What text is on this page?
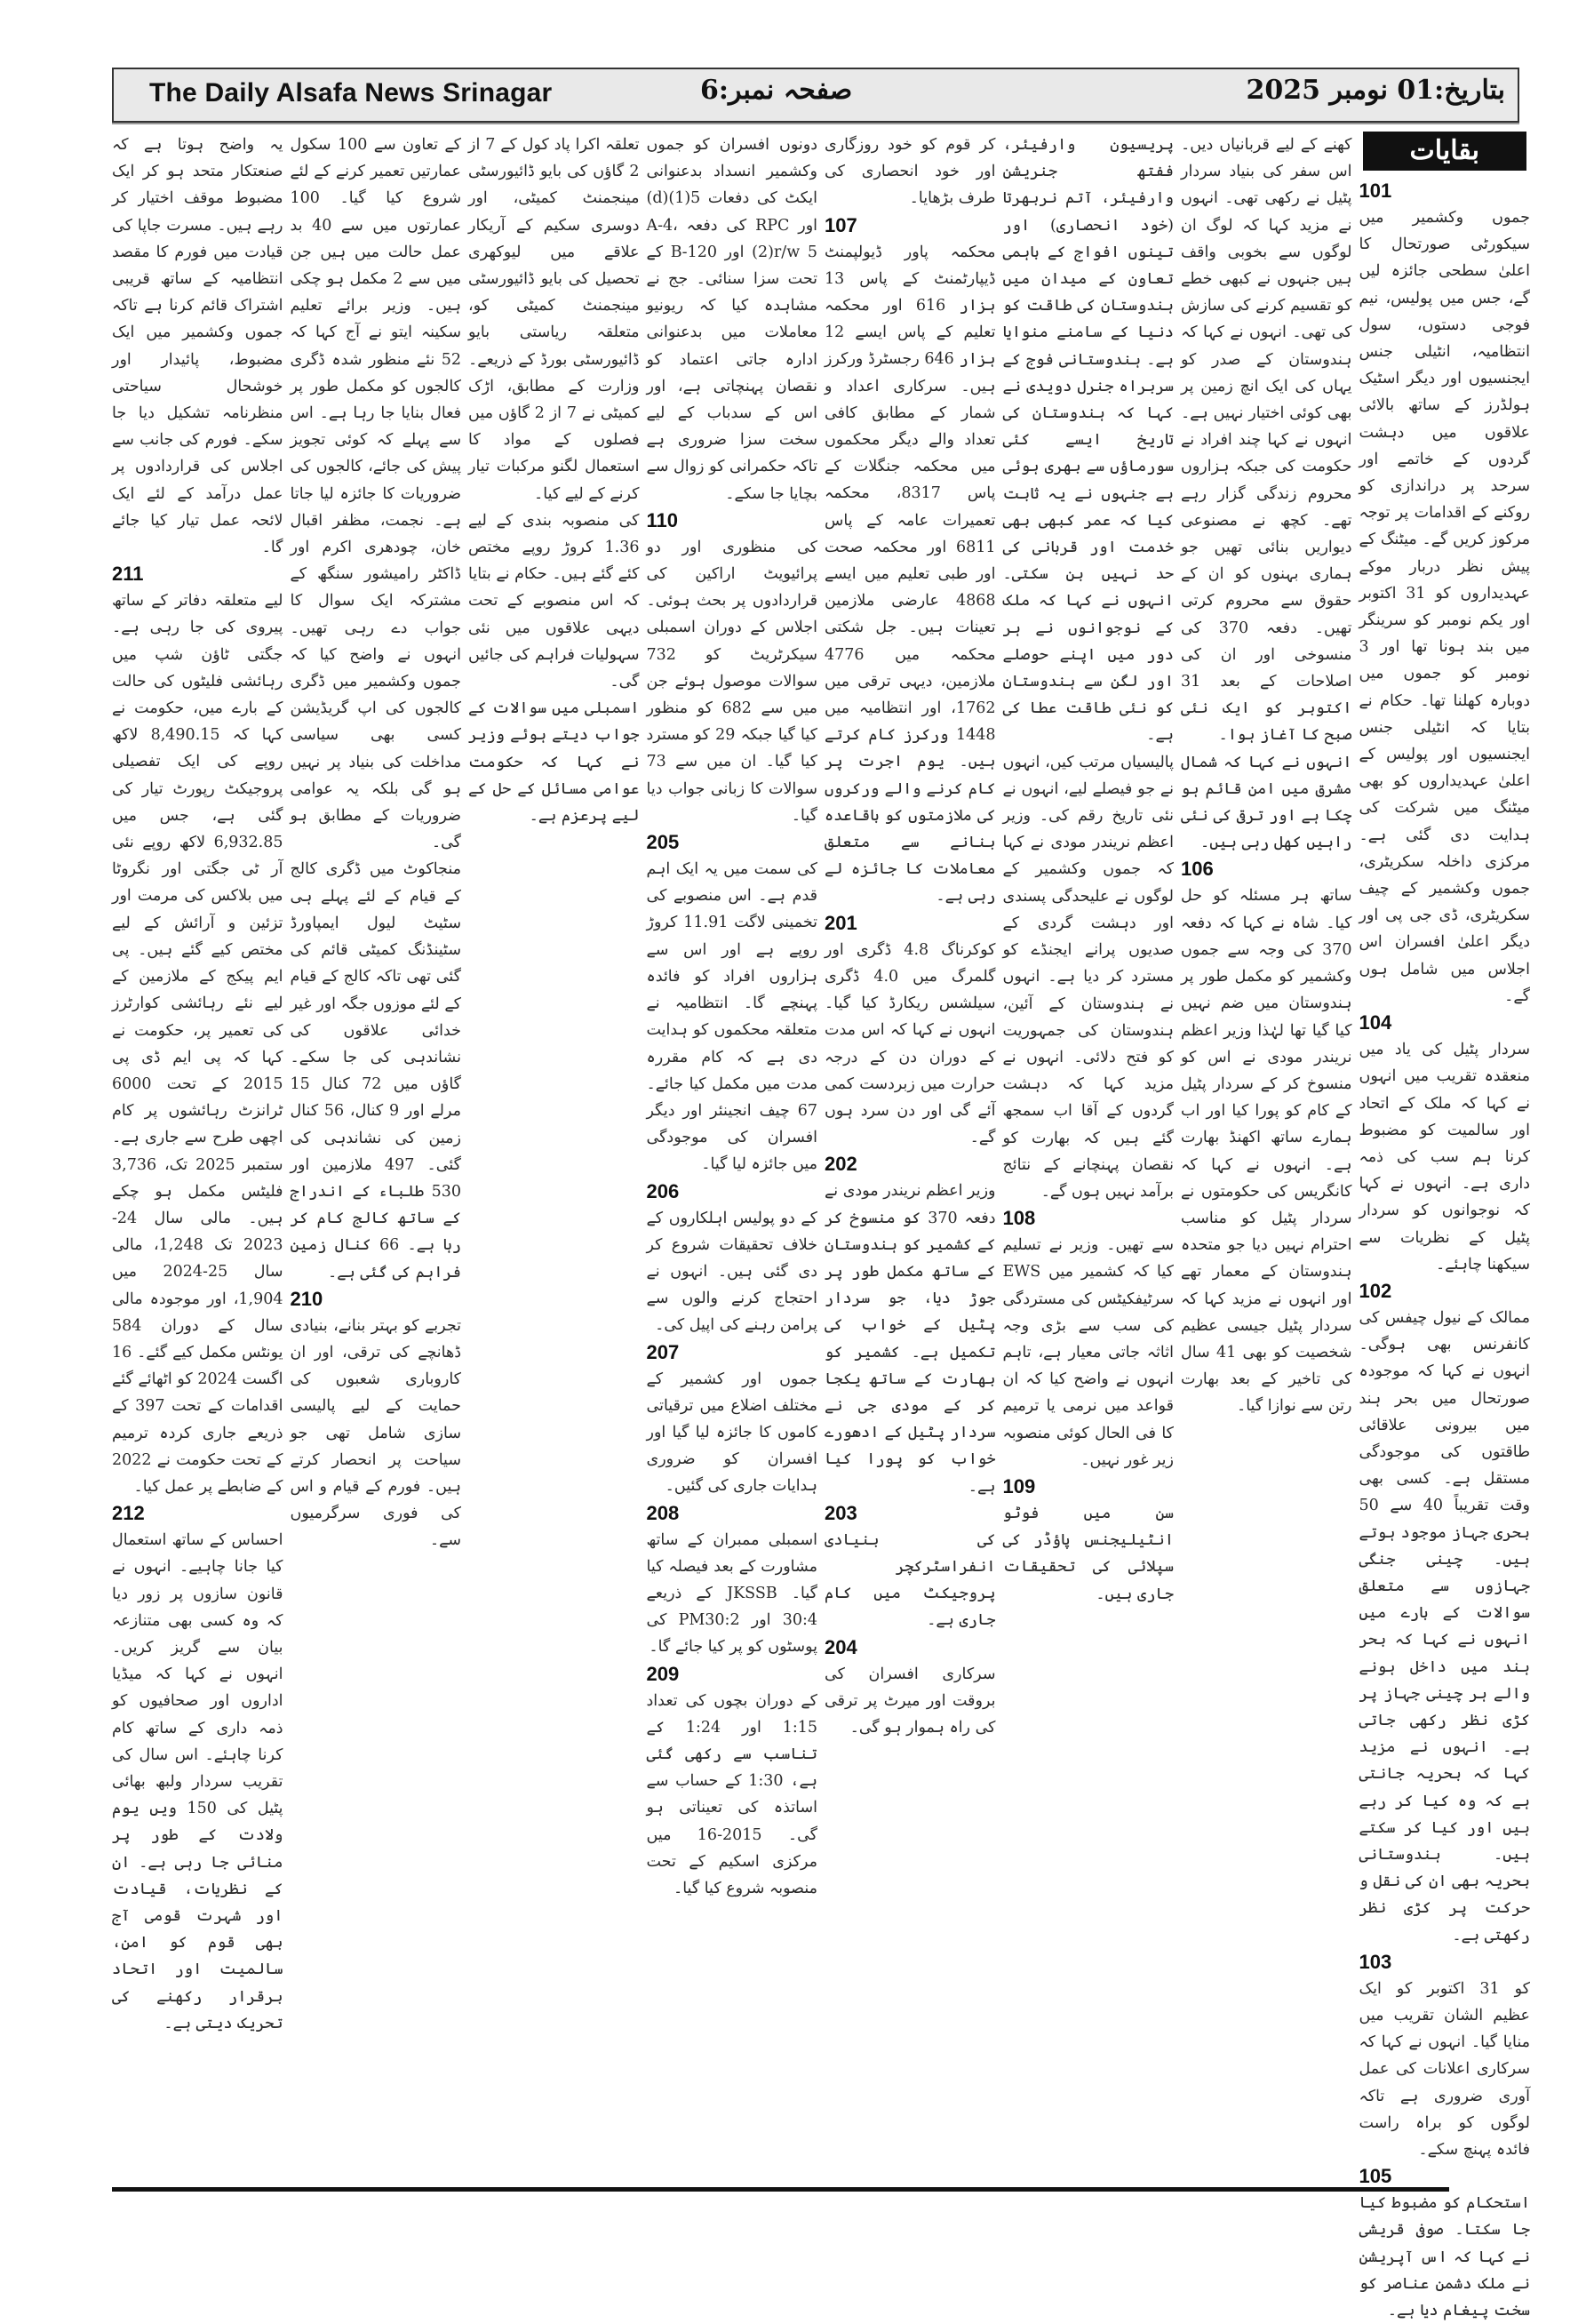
The Daily Alsafa News Srinagar	صفحہ نمبر:6	بتاریخ:01 نومبر 2025
بقایات
101

جموں وکشمیر میں سیکورٹی صورتحال کا اعلیٰ سطحی جائزہ لیں گے، جس میں پولیس، نیم فوجی دستوں، سول انتظامیہ، انٹیلی جنس ایجنسیوں اور دیگر اسٹیک ہولڈرز کے ساتھ بالائی علاقوں میں دہشت گردوں کے خاتمے اور سرحد پر دراندازی کو روکنے کے اقدامات پر توجہ مرکوز کریں گے۔ میٹنگ کے پیش نظر دربار موکے عہدیداروں کو 31 اکتوبر اور یکم نومبر کو سرینگر میں بند ہونا تھا اور 3 نومبر کو جموں میں دوبارہ کھلنا تھا۔ حکام نے بتایا کہ انٹیلی جنس ایجنسیوں اور پولیس کے اعلیٰ عہدیداروں کو بھی میٹنگ میں شرکت کی ہدایت دی گئی ہے۔ مرکزی داخلہ سکریٹری، جموں وکشمیر کے چیف سکریٹری، ڈی جی پی اور دیگر اعلیٰ افسران اس اجلاس میں شامل ہوں گے۔

104

سردار پٹیل کی یاد میں منعقدہ تقریب میں انہوں نے کہا کہ ملک کے اتحاد اور سالمیت کو مضبوط کرنا ہم سب کی ذمہ داری ہے۔ انہوں نے کہا کہ نوجوانوں کو سردار پٹیل کے نظریات سے سیکھنا چاہئے۔

102

ممالک کے نیول چیفس کی کانفرنس بھی ہوگی۔ انہوں نے کہا کہ موجودہ صورتحال میں بحر ہند میں بیرونی علاقائی طاقتوں کی موجودگی مستقل ہے۔ کسی بھی وقت تقریباً 40 سے 50 بحری جہاز موجود ہوتے ہیں۔ چینی جنگی جہازوں سے متعلق سوالات کے بارے میں انہوں نے کہا کہ بحر ہند میں داخل ہونے والے ہر چینی جہاز پر کڑی نظر رکھی جاتی ہے۔ انہوں نے مزید کہا کہ بحریہ جانتی ہے کہ وہ کیا کر رہے ہیں اور کیا کر سکتے ہیں۔ ہندوستانی بحریہ بھی ان کی نقل و حرکت پر کڑی نظر رکھتی ہے۔

103

کو 31 اکتوبر کو ایک عظیم الشان تقریب میں منایا گیا۔ انہوں نے کہا کہ سرکاری اعلانات کی عمل آوری ضروری ہے تاکہ لوگوں کو براہ راست فائدہ پہنچ سکے۔

105

استحکام کو مضبوط کیا جا سکتا۔ صوفی قریشی نے کہا کہ اس آپریشن نے ملک دشمن عناصر کو سخت پیغام دیا ہے۔

کھنے کے لیے قربانیاں دیں۔ اس سفر کی بنیاد سردار پٹیل نے رکھی تھی۔ انہوں نے مزید کہا کہ لوگ ان لوگوں سے بخوبی واقف ہیں جنہوں نے کبھی خطے کو تقسیم کرنے کی سازش کی تھی۔ انہوں نے کہا کہ ہندوستان کے صدر کو یہاں کی ایک انچ زمین پر بھی کوئی اختیار نہیں ہے۔ انہوں نے کہا چند افراد نے حکومت کی جبکہ ہزاروں محروم زندگی گزار رہے تھے۔ کچھ نے مصنوعی دیواریں بنائی تھیں جو ہماری بہنوں کو ان کے حقوق سے محروم کرتی تھیں۔ دفعہ 370 کی منسوخی اور ان کی اصلاحات کے بعد 31 اکتوبر کو ایک نئی صبح کا آغاز ہوا۔

انہوں نے کہا کہ شمال مشرق میں امن قائم ہو چکا ہے اور ترقی کی نئی راہیں کھل رہی ہیں۔

106

ساتھ ہر مسئلہ کو حل کیا۔ شاہ نے کہا کہ دفعہ 370 کی وجہ سے جموں وکشمیر کو مکمل طور پر ہندوستان میں ضم نہیں کیا گیا تھا لہٰذا وزیر اعظم نریندر مودی نے اس کو منسوخ کر کے سردار پٹیل کے کام کو پورا کیا اور اب ہمارے ساتھ اکھنڈ بھارت ہے۔ انہوں نے کہا کہ کانگریس کی حکومتوں نے سردار پٹیل کو مناسب احترام نہیں دیا جو متحدہ ہندوستان کے معمار تھے اور انہوں نے مزید کہا کہ سردار پٹیل جیسی عظیم شخصیت کو بھی 41 سال کی تاخیر کے بعد بھارت رتن سے نوازا گیا۔

پریسیون وارفیئر، ففتھ جنریشن وارفیئر، آتم نربھرتا (خود انحصاری) اور تینوں افواج کے باہمی تعاون کے میدان میں ہندوستان کی طاقت کو دنیا کے سامنے منوایا ہے۔ ہندوستانی فوج کے سربراہ جنرل دویدی نے کہا کہ ہندوستان کی تاریخ ایسے کئی سورماؤں سے بھری ہوئی ہے جنہوں نے یہ ثابت کیا کہ عمر کبھی بھی خدمت اور قربانی کی حد نہیں بن سکتی۔ انہوں نے کہا کہ ملک کے نوجوانوں نے ہر دور میں اپنے حوصلے اور لگن سے ہندوستان کو نئی طاقت عطا کی ہے۔

پالیسیاں مرتب کیں، انہوں نے جو فیصلے لیے، انہوں نے نئی تاریخ رقم کی۔ وزیر اعظم نریندر مودی نے کہا کہ جموں وکشمیر کے لوگوں نے علیحدگی پسندی اور دہشت گردی کے صدیوں پرانے ایجنڈے کو مسترد کر دیا ہے۔ انہوں نے ہندوستان کے آئین، ہندوستان کی جمہوریت کو فتح دلائی۔ انہوں نے مزید کہا کہ دہشت گردوں کے آقا اب سمجھ گئے ہیں کہ بھارت کو نقصان پہنچانے کے نتائج برآمد نہیں ہوں گے۔

108

سے تھیں۔ وزیر نے تسلیم کیا کہ کشمیر میں EWS سرٹیفکیٹس کی مستردگی کی سب سے بڑی وجہ اثاثہ جاتی معیار ہے، تاہم انہوں نے واضح کیا کہ ان قواعد میں نرمی یا ترمیم کا فی الحال کوئی منصوبہ زیر غور نہیں۔

109

سن میں فوٹو انٹیلیجنس پاؤڈر کی سپلائی کی تحقیقات جاری ہیں۔

کر قوم کو خود روزگاری اور خود انحصاری کی طرف بڑھایا۔

107

محکمہ پاور ڈیولپمنٹ ڈیپارٹمنٹ کے پاس 13 ہزار 616 اور محکمہ تعلیم کے پاس ایسے 12 ہزار 646 رجسٹرڈ ورکرز ہیں۔ سرکاری اعداد و شمار کے مطابق کافی تعداد والے دیگر محکموں میں محکمہ جنگلات کے پاس 8317، محکمہ تعمیرات عامہ کے پاس 6811 اور محکمہ صحت اور طبی تعلیم میں ایسے 4868 عارضی ملازمین تعینات ہیں۔ جل شکتی محکمہ میں 4776 ملازمین، دیہی ترقی میں 1762، اور انتظامیہ میں 1448 ورکرز کام کرتے ہیں۔ یوم اجرت پر کام کرنے والے ورکروں کی ملازمتوں کو باقاعدہ بنانے سے متعلق معاملات کا جائزہ لے رہی ہے۔

201

کوکرناگ 4.8 ڈگری اور گلمرگ میں 4.0 ڈگری سیلشس ریکارڈ کیا گیا۔ انہوں نے کہا کہ اس مدت کے دوران دن کے درجہ حرارت میں زبردست کمی آئے گی اور دن سرد ہوں گے۔

202

وزیر اعظم نریندر مودی نے دفعہ 370 کو منسوخ کر کے کشمیر کو ہندوستان کے ساتھ مکمل طور پر جوڑ دیا، جو سردار پٹیل کے خواب کی تکمیل ہے۔ کشمیر کو بھارت کے ساتھ یکجا کر کے مودی جی نے سردار پٹیل کے ادھورے خواب کو پورا کیا ہے۔

203

کی بنیادی انفراسٹرکچر پروجیکٹ میں کام جاری ہے۔

204

سرکاری افسران کی بروقت اور میرٹ پر ترقی کی راہ ہموار ہو گی۔

دونوں افسران کو جموں وکشمیر انسداد بدعنوانی ایکٹ کی دفعات 5(1)(d) اور RPC کی دفعہ A-4، (2)r/w 5 اور 120-B کے تحت سزا سنائی۔ جج نے مشاہدہ کیا کہ ریونیو معاملات میں بدعنوانی ادارہ جاتی اعتماد کو نقصان پہنچاتی ہے، اور اس کے سدباب کے لیے سخت سزا ضروری ہے تاکہ حکمرانی کو زوال سے بچایا جا سکے۔

110

کی منظوری اور دو پرائیویٹ اراکین کی قراردادوں پر بحث ہوئی۔ اجلاس کے دوران اسمبلی سیکرٹریٹ کو 732 سوالات موصول ہوئے جن میں سے 682 کو منظور کیا گیا جبکہ 29 کو مسترد کیا گیا۔ ان میں سے 73 سوالات کا زبانی جواب دیا گیا۔

205

کی سمت میں یہ ایک اہم قدم ہے۔ اس منصوبے کی تخمینی لاگت 11.91 کروڑ روپے ہے اور اس سے ہزاروں افراد کو فائدہ پہنچے گا۔ انتظامیہ نے متعلقہ محکموں کو ہدایت دی ہے کہ کام مقررہ مدت میں مکمل کیا جائے۔ 67 چیف انجینئر اور دیگر افسران کی موجودگی میں جائزہ لیا گیا۔

206

کے دو پولیس اہلکاروں کے خلاف تحقیقات شروع کر دی گئی ہیں۔ انہوں نے احتجاج کرنے والوں سے پرامن رہنے کی اپیل کی۔

207

جموں اور کشمیر کے مختلف اضلاع میں ترقیاتی کاموں کا جائزہ لیا گیا اور افسران کو ضروری ہدایات جاری کی گئیں۔

208

اسمبلی ممبران کے ساتھ مشاورت کے بعد فیصلہ کیا گیا۔ JKSSB کے ذریعے 30:4 اور PM30:2 کی پوسٹوں کو پر کیا جائے گا۔

209

کے دوران بچوں کی تعداد 1:15 اور 1:24 کے تناسب سے رکھی گئی ہے، 1:30 کے حساب سے اساتذہ کی تعیناتی ہو گی۔ 2015-16 میں مرکزی اسکیم کے تحت منصوبہ شروع کیا گیا۔

تعلقہ اکرا پاد کول کے 7 از 2 گاؤں کی بایو ڈائیورسٹی مینجمنٹ کمیٹی، اور دوسری سکیم کے آریکار علاقے میں لیوکھری تحصیل کی بایو ڈائیورسٹی مینجمنٹ کمیٹی کو، متعلقہ ریاستی بایو ڈائیورسٹی بورڈ کے ذریعے۔ وزارت کے مطابق، اڑک کمیٹی نے 7 از 2 گاؤں میں فصلوں کے مواد کا استعمال لگنو مرکبات تیار کرنے کے لیے کیا۔

کی منصوبہ بندی کے لیے 1.36 کروڑ روپے مختص کئے گئے ہیں۔ حکام نے بتایا کہ اس منصوبے کے تحت دیہی علاقوں میں نئی سہولیات فراہم کی جائیں گی۔

اسمبلی میں سوالات کے جواب دیتے ہوئے وزیر نے کہا کہ حکومت عوامی مسائل کے حل کے لیے پرعزم ہے۔

کے تعاون سے 100 سکول عمارتیں تعمیر کرنے کے لئے شروع کیا گیا۔ 100 عمارتوں میں سے 40 بد عمل حالت میں ہیں جن میں سے 2 مکمل ہو چکی ہیں۔ وزیر برائے تعلیم سکینہ ایتو نے آج کہا کہ 52 نئے منظور شدہ ڈگری کالجوں کو مکمل طور پر فعال بنایا جا رہا ہے۔ اس سے پہلے کہ کوئی تجویز پیش کی جائے، کالجوں کی ضروریات کا جائزہ لیا جاتا ہے۔ نجمت، مظفر اقبال خان، چودھری اکرم اور ڈاکٹر رامیشور سنگھ کے مشترکہ ایک سوال کا جواب دے رہی تھیں۔ انہوں نے واضح کیا کہ جموں وکشمیر میں ڈگری کالجوں کی اپ گریڈیشن کسی بھی سیاسی مداخلت کی بنیاد پر نہیں ہو گی بلکہ یہ عوامی ضروریات کے مطابق ہو گی۔

منجاکوٹ میں ڈگری کالج کے قیام کے لئے پہلے ہی سٹیٹ لیول ایمپاورڈ سٹینڈنگ کمیٹی قائم کی گئی تھی تاکہ کالج کے قیام کے لئے موزوں جگہ اور غیر خدائی علاقوں کی نشاندہی کی جا سکے۔ گاؤں میں 72 کنال 15 مرلے اور 9 کنال، 56 کنال زمین کی نشاندہی کی گئی۔ 497 ملازمین اور 530 طلباء کے اندراج کے ساتھ کالج کام کر رہا ہے۔ 66 کنال زمین فراہم کی گئی ہے۔

210

تجربے کو بہتر بنانے، بنیادی ڈھانچے کی ترقی، اور ان کاروباری شعبوں کی حمایت کے لیے پالیسی سازی شامل تھی جو سیاحت پر انحصار کرتے ہیں۔ فورم کے قیام و اس کی فوری سرگرمیوں سے۔

یہ واضح ہوتا ہے کہ صنعتکار متحد ہو کر ایک مضبوط موقف اختیار کر رہے ہیں۔ مسرت جاپا کی قیادت میں فورم کا مقصد انتظامیہ کے ساتھ قریبی اشتراک قائم کرنا ہے تاکہ جموں وکشمیر میں ایک مضبوط، پائیدار اور خوشحال سیاحتی منظرنامہ تشکیل دیا جا سکے۔ فورم کی جانب سے اجلاس کی قراردادوں پر عمل درآمد کے لئے ایک لائحہ عمل تیار کیا جائے گا۔

211

لیے متعلقہ دفاتر کے ساتھ پیروی کی جا رہی ہے۔ جگتی ٹاؤن شپ میں رہائشی فلیٹوں کی حالت کے بارے میں، حکومت نے کہا کہ 8,490.15 لاکھ روپے کی ایک تفصیلی پروجیکٹ رپورٹ تیار کی گئی ہے، جس میں 6,932.85 لاکھ روپے نئی آر ٹی جگتی اور نگروٹا میں بلاکس کی مرمت اور تزئین و آرائش کے لیے مختص کیے گئے ہیں۔ پی ایم پیکج کے ملازمین کے لیے نئے رہائشی کوارٹرز کی تعمیر پر، حکومت نے کہا کہ پی ایم ڈی پی 2015 کے تحت 6000 ٹرانزٹ رہائشوں پر کام اچھی طرح سے جاری ہے۔ ستمبر 2025 تک، 3,736 فلیٹس مکمل ہو چکے ہیں۔ مالی سال 24-2023 تک 1,248، مالی سال 25-2024 میں 1,904، اور موجودہ مالی سال کے دوران 584 یونٹس مکمل کیے گئے۔ 16 اگست 2024 کو اٹھائے گئے اقدامات کے تحت 397 کے ذریعے جاری کردہ ترمیم کے تحت حکومت نے 2022 کے ضابطے پر عمل کیا۔

212

احساس کے ساتھ استعمال کیا جانا چاہیے۔ انہوں نے قانون سازوں پر زور دیا کہ وہ کسی بھی متنازعہ بیان سے گریز کریں۔ انہوں نے کہا کہ میڈیا اداروں اور صحافیوں کو ذمہ داری کے ساتھ کام کرنا چاہئے۔ اس سال کی تقریب سردار ولبھ بھائی پٹیل کی 150 ویں یوم ولادت کے طور پر منائی جا رہی ہے۔ ان کے نظریات، قیادت اور شہرت قومی آج بھی قوم کو امن، سالمیت اور اتحاد برقرار رکھنے کی تحریک دیتی ہے۔
